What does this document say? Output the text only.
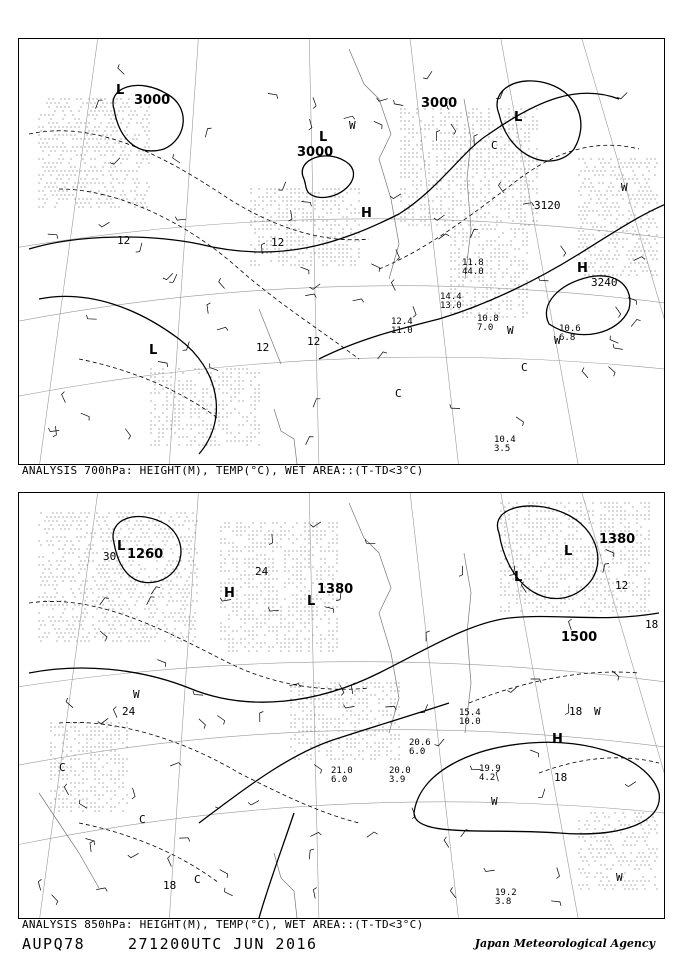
3000
3000
3000
3120
3240
L
L
L
L
H
H
W
W
W
W
C
C
C
12	12
12	12
10.8
7.0	10.6
6.8
12.4
11.0
10.4
3.5
11.8
44.0
14.4
13.0
ANALYSIS 700hPa: HEIGHT(M), TEMP(°C), WET AREA::(T-TD<3°C)
1260
1380
1380
1500
L
L
L
L
H
H
W
W
W
W
C
C
C
30
24
18
18
12
18
24
18
19.9
4.2
20.6
6.0
19.2
3.8
15.4
10.0
21.0
6.0
20.0
3.9
ANALYSIS 850hPa: HEIGHT(M), TEMP(°C), WET AREA::(T-TD<3°C)
AUPQ78	271200UTC JUN 2016	Japan Meteorological Agency
